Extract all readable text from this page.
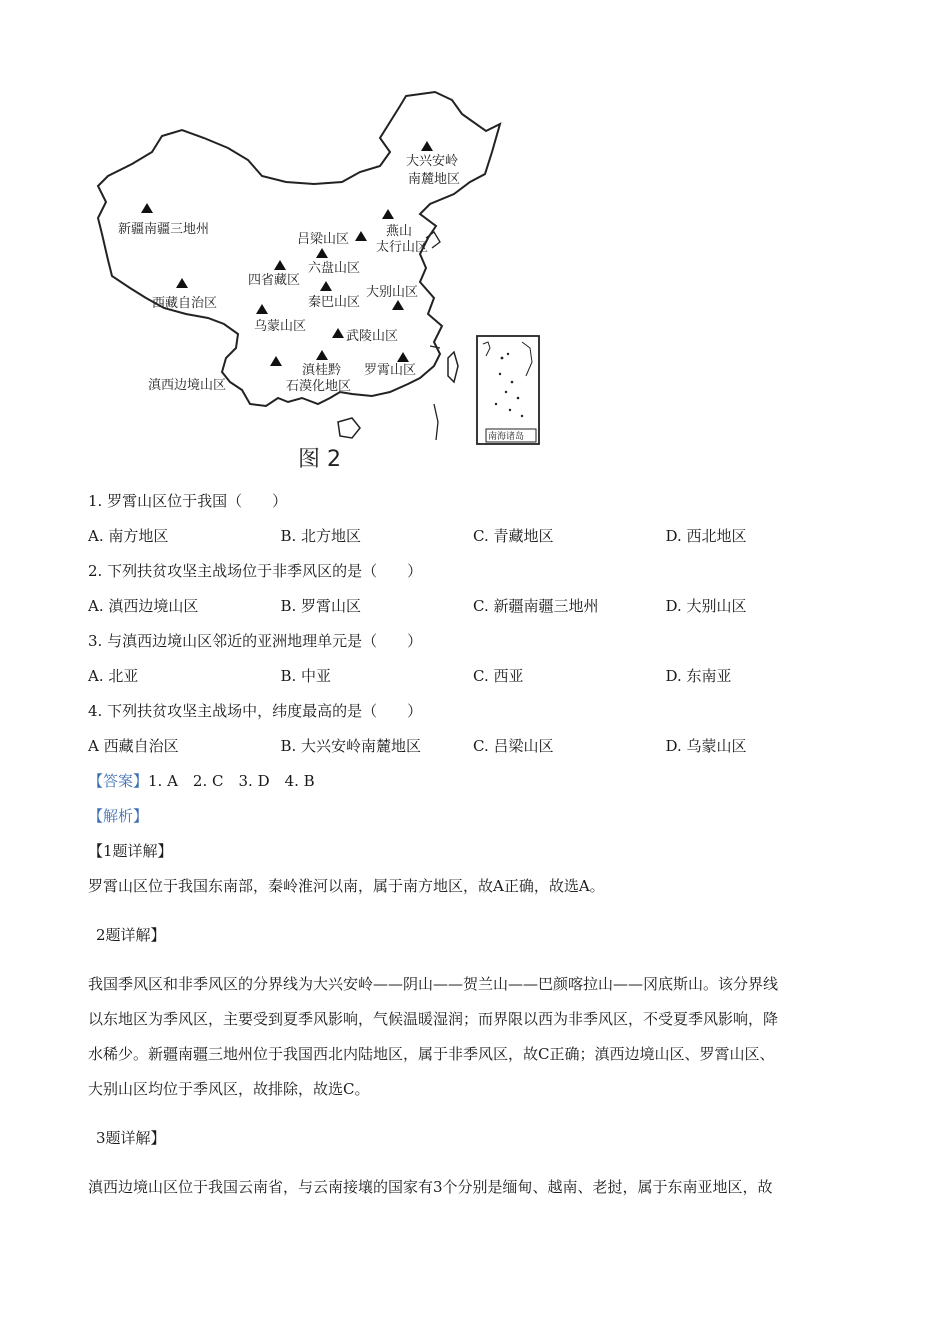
南海诸岛
大兴安岭
南麓地区
新疆南疆三地州	燕山
太行山区
吕梁山区
六盘山区
四省藏区
西藏自治区	秦巴山区
大别山区
乌蒙山区
武陵山区
滇西边境山区
滇桂黔
石漠化地区
罗霄山区
图 2
1. 罗霄山区位于我国（　　）
A. 南方地区	B. 北方地区	C. 青藏地区	D. 西北地区
2. 下列扶贫攻坚主战场位于非季风区的是（　　）
A. 滇西边境山区	B. 罗霄山区	C. 新疆南疆三地州	D. 大别山区
3. 与滇西边境山区邻近的亚洲地理单元是（　　）
A. 北亚	B. 中亚	C. 西亚	D. 东南亚
4. 下列扶贫攻坚主战场中，纬度最高的是（　　）
A 西藏自治区	B. 大兴安岭南麓地区	C. 吕梁山区	D. 乌蒙山区
【答案】1. A　2. C　3. D　4. B
【解析】
【1题详解】
罗霄山区位于我国东南部，秦岭淮河以南，属于南方地区，故A正确，故选A。
2题详解】
我国季风区和非季风区的分界线为大兴安岭——阴山——贺兰山——巴颜喀拉山——冈底斯山。该分界线
以东地区为季风区，主要受到夏季风影响，气候温暖湿润；而界限以西为非季风区，不受夏季风影响，降
水稀少。新疆南疆三地州位于我国西北内陆地区，属于非季风区，故C正确；滇西边境山区、罗霄山区、
大别山区均位于季风区，故排除，故选C。
3题详解】
滇西边境山区位于我国云南省，与云南接壤的国家有3个分别是缅甸、越南、老挝，属于东南亚地区，故
